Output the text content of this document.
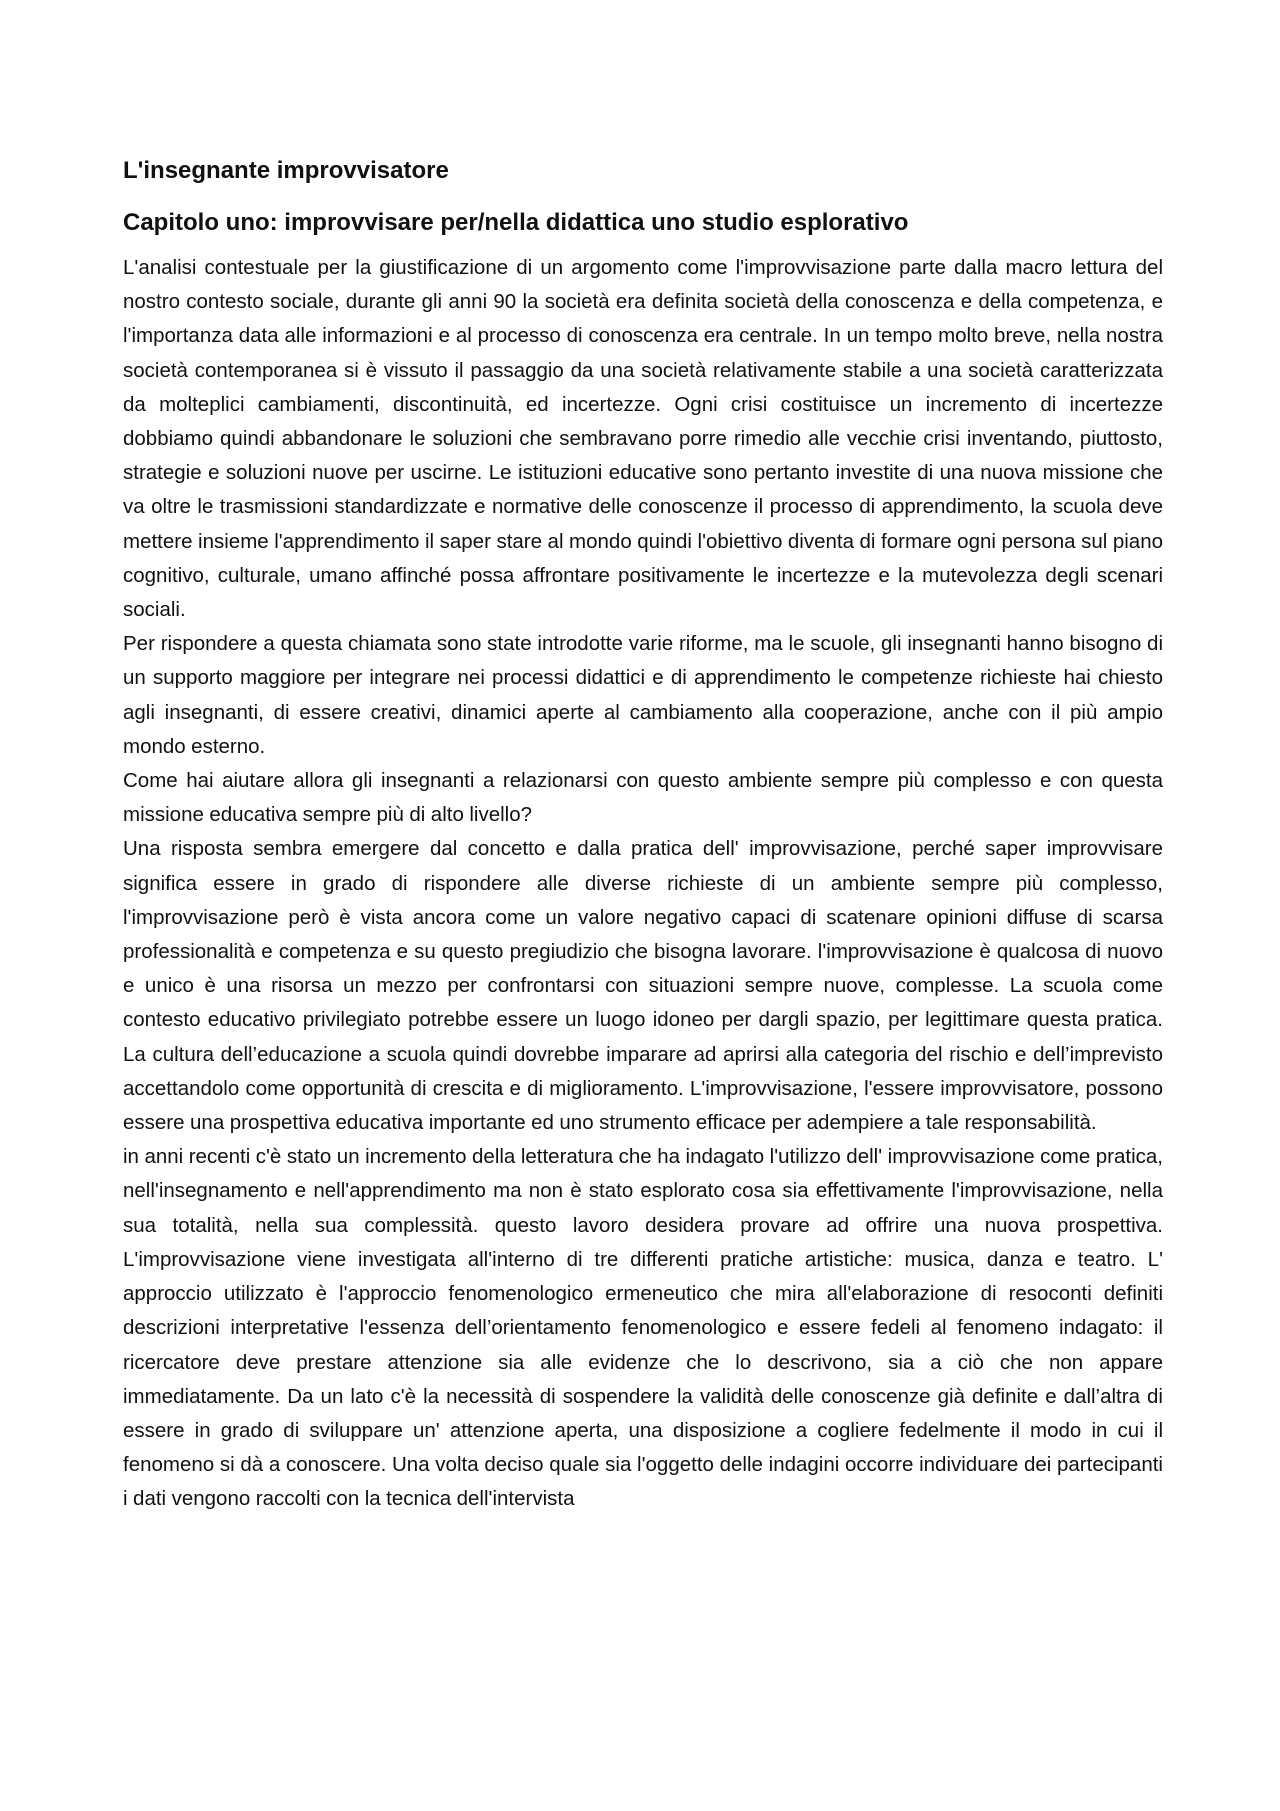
L'insegnante improvvisatore
Capitolo uno: improvvisare per/nella didattica uno studio esplorativo

L'analisi contestuale per la giustificazione di un argomento come l'improvvisazione parte dalla macro lettura del nostro contesto sociale, durante gli anni 90 la società era definita società della conoscenza e della competenza, e l'importanza data alle informazioni e al processo di conoscenza era centrale. In un tempo molto breve, nella nostra società contemporanea si è vissuto il passaggio da una società relativamente stabile a una società caratterizzata da molteplici cambiamenti, discontinuità, ed incertezze. Ogni crisi costituisce un incremento di incertezze dobbiamo quindi abbandonare le soluzioni che sembravano porre rimedio alle vecchie crisi inventando, piuttosto, strategie e soluzioni nuove per uscirne. Le istituzioni educative sono pertanto investite di una nuova missione che va oltre le trasmissioni standardizzate e normative delle conoscenze il processo di apprendimento, la scuola deve mettere insieme l'apprendimento il saper stare al mondo quindi l'obiettivo diventa di formare ogni persona sul piano cognitivo, culturale, umano affinché possa affrontare positivamente le incertezze e la mutevolezza degli scenari sociali.

Per rispondere a questa chiamata sono state introdotte varie riforme, ma le scuole, gli insegnanti hanno bisogno di un supporto maggiore per integrare nei processi didattici e di apprendimento le competenze richieste hai chiesto agli insegnanti, di essere creativi, dinamici aperte al cambiamento alla cooperazione, anche con il più ampio mondo esterno.

Come hai aiutare allora gli insegnanti a relazionarsi con questo ambiente sempre più complesso e con questa missione educativa sempre più di alto livello?

Una risposta sembra emergere dal concetto e dalla pratica dell' improvvisazione, perché saper improvvisare significa essere in grado di rispondere alle diverse richieste di un ambiente sempre più complesso, l'improvvisazione però è vista ancora come un valore negativo capaci di scatenare opinioni diffuse di scarsa professionalità e competenza e su questo pregiudizio che bisogna lavorare. l'improvvisazione è qualcosa di nuovo e unico è una risorsa un mezzo per confrontarsi con situazioni sempre nuove, complesse. La scuola come contesto educativo privilegiato potrebbe essere un luogo idoneo per dargli spazio, per legittimare questa pratica. La cultura dell’educazione a scuola quindi dovrebbe imparare ad aprirsi alla categoria del rischio e dell’imprevisto accettandolo come opportunità di crescita e di miglioramento. L'improvvisazione, l'essere improvvisatore, possono essere una prospettiva educativa importante ed uno strumento efficace per adempiere a tale responsabilità.

in anni recenti c'è stato un incremento della letteratura che ha indagato l'utilizzo dell' improvvisazione come pratica, nell'insegnamento e nell'apprendimento ma non è stato esplorato cosa sia effettivamente l'improvvisazione, nella sua totalità, nella sua complessità. questo lavoro desidera provare ad offrire una nuova prospettiva. L'improvvisazione viene investigata all'interno di tre differenti pratiche artistiche: musica, danza e teatro. L' approccio utilizzato è l'approccio fenomenologico ermeneutico che mira all'elaborazione di resoconti definiti descrizioni interpretative l'essenza dell’orientamento fenomenologico e essere fedeli al fenomeno indagato: il ricercatore deve prestare attenzione sia alle evidenze che lo descrivono, sia a ciò che non appare immediatamente. Da un lato c'è la necessità di sospendere la validità delle conoscenze già definite e dall’altra di essere in grado di sviluppare un' attenzione aperta, una disposizione a cogliere fedelmente il modo in cui il fenomeno si dà a conoscere. Una volta deciso quale sia l'oggetto delle indagini occorre individuare dei partecipanti i dati vengono raccolti con la tecnica dell'intervista
